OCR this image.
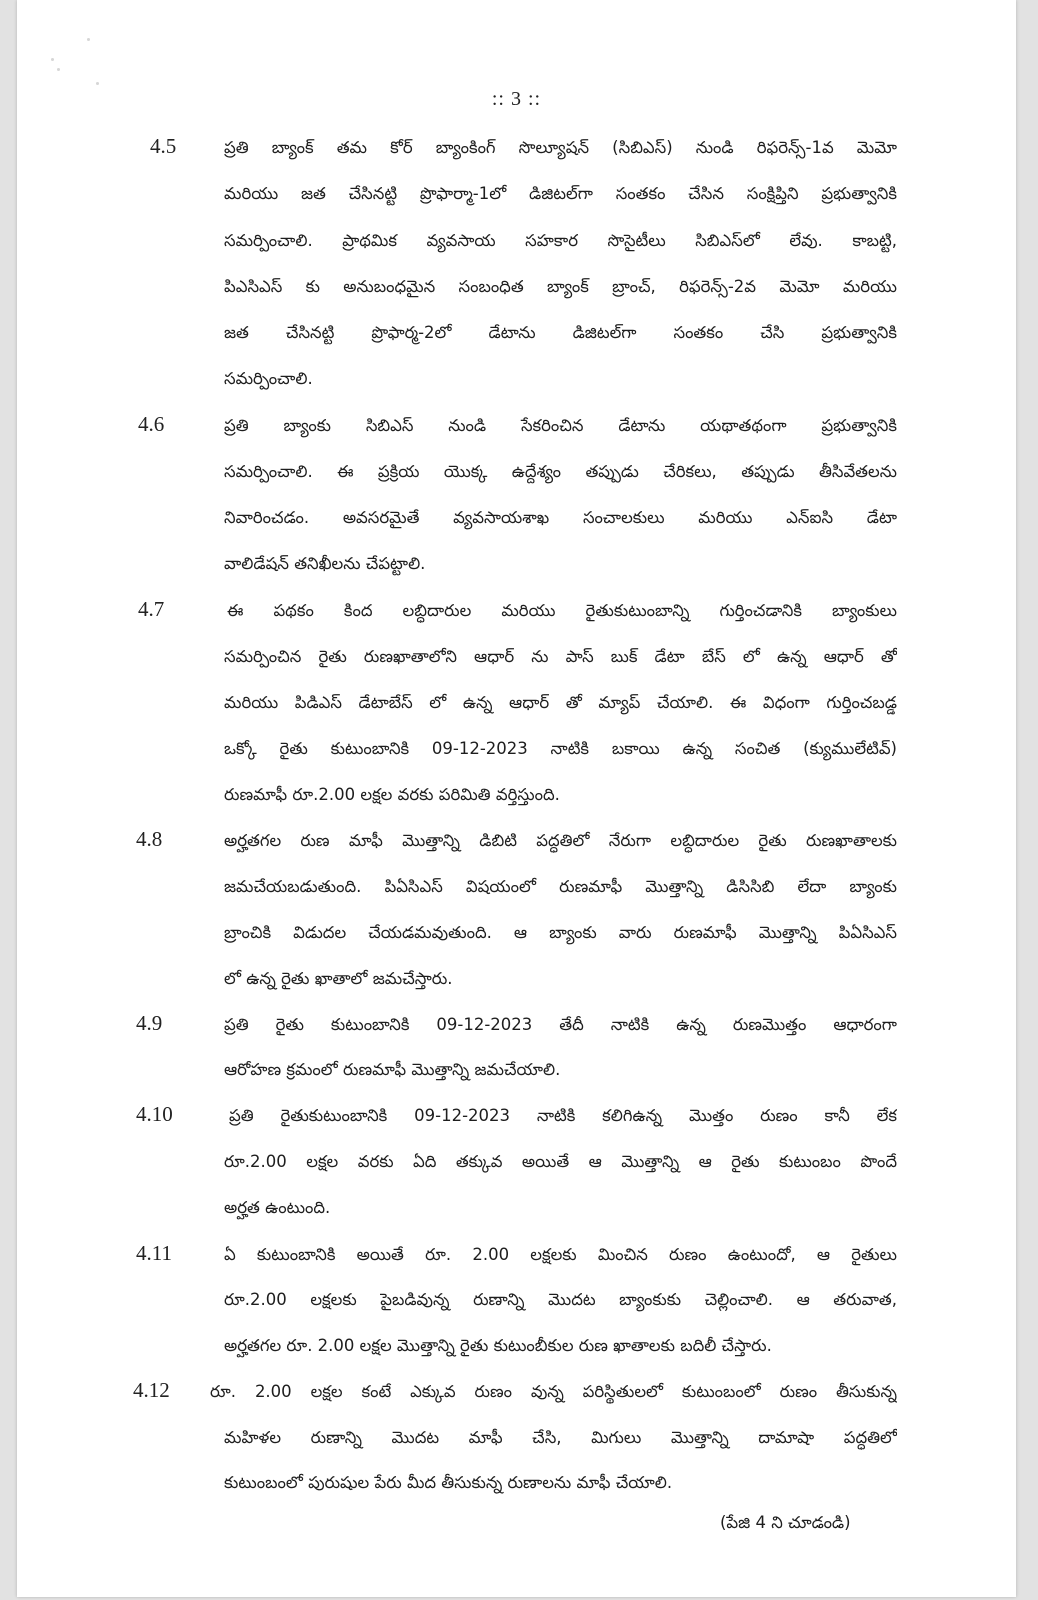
:: 3 ::
4.5	ప్రతి బ్యాంక్ తమ కోర్ బ్యాంకింగ్ సొల్యూషన్ (సిబిఎస్) నుండి రిఫరెన్స్-1వ మెమో
మరియు జత చేసినట్టి ప్రొఫార్మా-1లో డిజిటల్‌గా సంతకం చేసిన సంక్షిప్తిని ప్రభుత్వానికి
సమర్పించాలి. ప్రాథమిక వ్యవసాయ సహకార సొసైటీలు సిబిఎస్‌లో లేవు. కాబట్టి,
పిఎసిఎస్ కు అనుబంధమైన సంబంధిత బ్యాంక్ బ్రాంచ్, రిఫరెన్స్-2వ మెమో మరియు
జత చేసినట్టి ప్రొఫార్మ-2లో డేటాను డిజిటల్‌గా సంతకం చేసి ప్రభుత్వానికి
సమర్పించాలి.
4.6	ప్రతి బ్యాంకు సిబిఎస్ నుండి సేకరించిన డేటాను యథాతథంగా ప్రభుత్వానికి
సమర్పించాలి. ఈ ప్రక్రియ యొక్క ఉద్దేశ్యం తప్పుడు చేరికలు, తప్పుడు తీసివేతలను
నివారించడం. అవసరమైతే వ్యవసాయశాఖ సంచాలకులు మరియు ఎన్ఐసి డేటా
వాలిడేషన్ తనిఖీలను చేపట్టాలి.
4.7	ఈ పథకం కింద లబ్ధిదారుల మరియు రైతుకుటుంబాన్ని గుర్తించడానికి బ్యాంకులు
సమర్పించిన రైతు రుణఖాతాలోని ఆధార్ ను పాస్ బుక్ డేటా బేస్ లో ఉన్న ఆధార్ తో
మరియు పిడిఎస్ డేటాబేస్ లో ఉన్న ఆధార్ తో మ్యాప్ చేయాలి. ఈ విధంగా గుర్తించబడ్డ
ఒక్కో రైతు కుటుంబానికి 09-12-2023 నాటికి బకాయి ఉన్న సంచిత (క్యుములేటివ్)
రుణమాఫీ రూ.2.00 లక్షల వరకు పరిమితి వర్తిస్తుంది.
4.8	అర్హతగల రుణ మాఫీ మొత్తాన్ని డిబిటి పద్ధతిలో నేరుగా లబ్ధిదారుల రైతు రుణఖాతాలకు
జమచేయబడుతుంది. పిఏసిఎస్ విషయంలో రుణమాఫీ మొత్తాన్ని డిసిసిబి లేదా బ్యాంకు
బ్రాంచికి విడుదల చేయడమవుతుంది. ఆ బ్యాంకు వారు రుణమాఫీ మొత్తాన్ని పిఏసిఎస్
లో ఉన్న రైతు ఖాతాలో జమచేస్తారు.
4.9	ప్రతి రైతు కుటుంబానికి 09-12-2023 తేదీ నాటికి ఉన్న రుణమొత్తం ఆధారంగా
ఆరోహణ క్రమంలో రుణమాఫీ మొత్తాన్ని జమచేయాలి.
4.10	ప్రతి రైతుకుటుంబానికి 09-12-2023 నాటికి కలిగిఉన్న మొత్తం రుణం కానీ లేక
రూ.2.00 లక్షల వరకు ఏది తక్కువ అయితే ఆ మొత్తాన్ని ఆ రైతు కుటుంబం పొందే
అర్హత ఉంటుంది.
4.11	ఏ కుటుంబానికి అయితే రూ. 2.00 లక్షలకు మించిన రుణం ఉంటుందో, ఆ రైతులు
రూ.2.00 లక్షలకు పైబడివున్న రుణాన్ని మొదట బ్యాంకుకు చెల్లించాలి. ఆ తరువాత,
అర్హతగల రూ. 2.00 లక్షల మొత్తాన్ని రైతు కుటుంబీకుల రుణ ఖాతాలకు బదిలీ చేస్తారు.
4.12 రూ. 2.00 లక్షల కంటే ఎక్కువ రుణం వున్న పరిస్థితులలో కుటుంబంలో రుణం తీసుకున్న
మహిళల రుణాన్ని మొదట మాఫీ చేసి, మిగులు మొత్తాన్ని దామాషా పద్ధతిలో
కుటుంబంలో పురుషుల పేరు మీద తీసుకున్న రుణాలను మాఫీ చేయాలి.
(పేజి 4 ని చూడండి)
